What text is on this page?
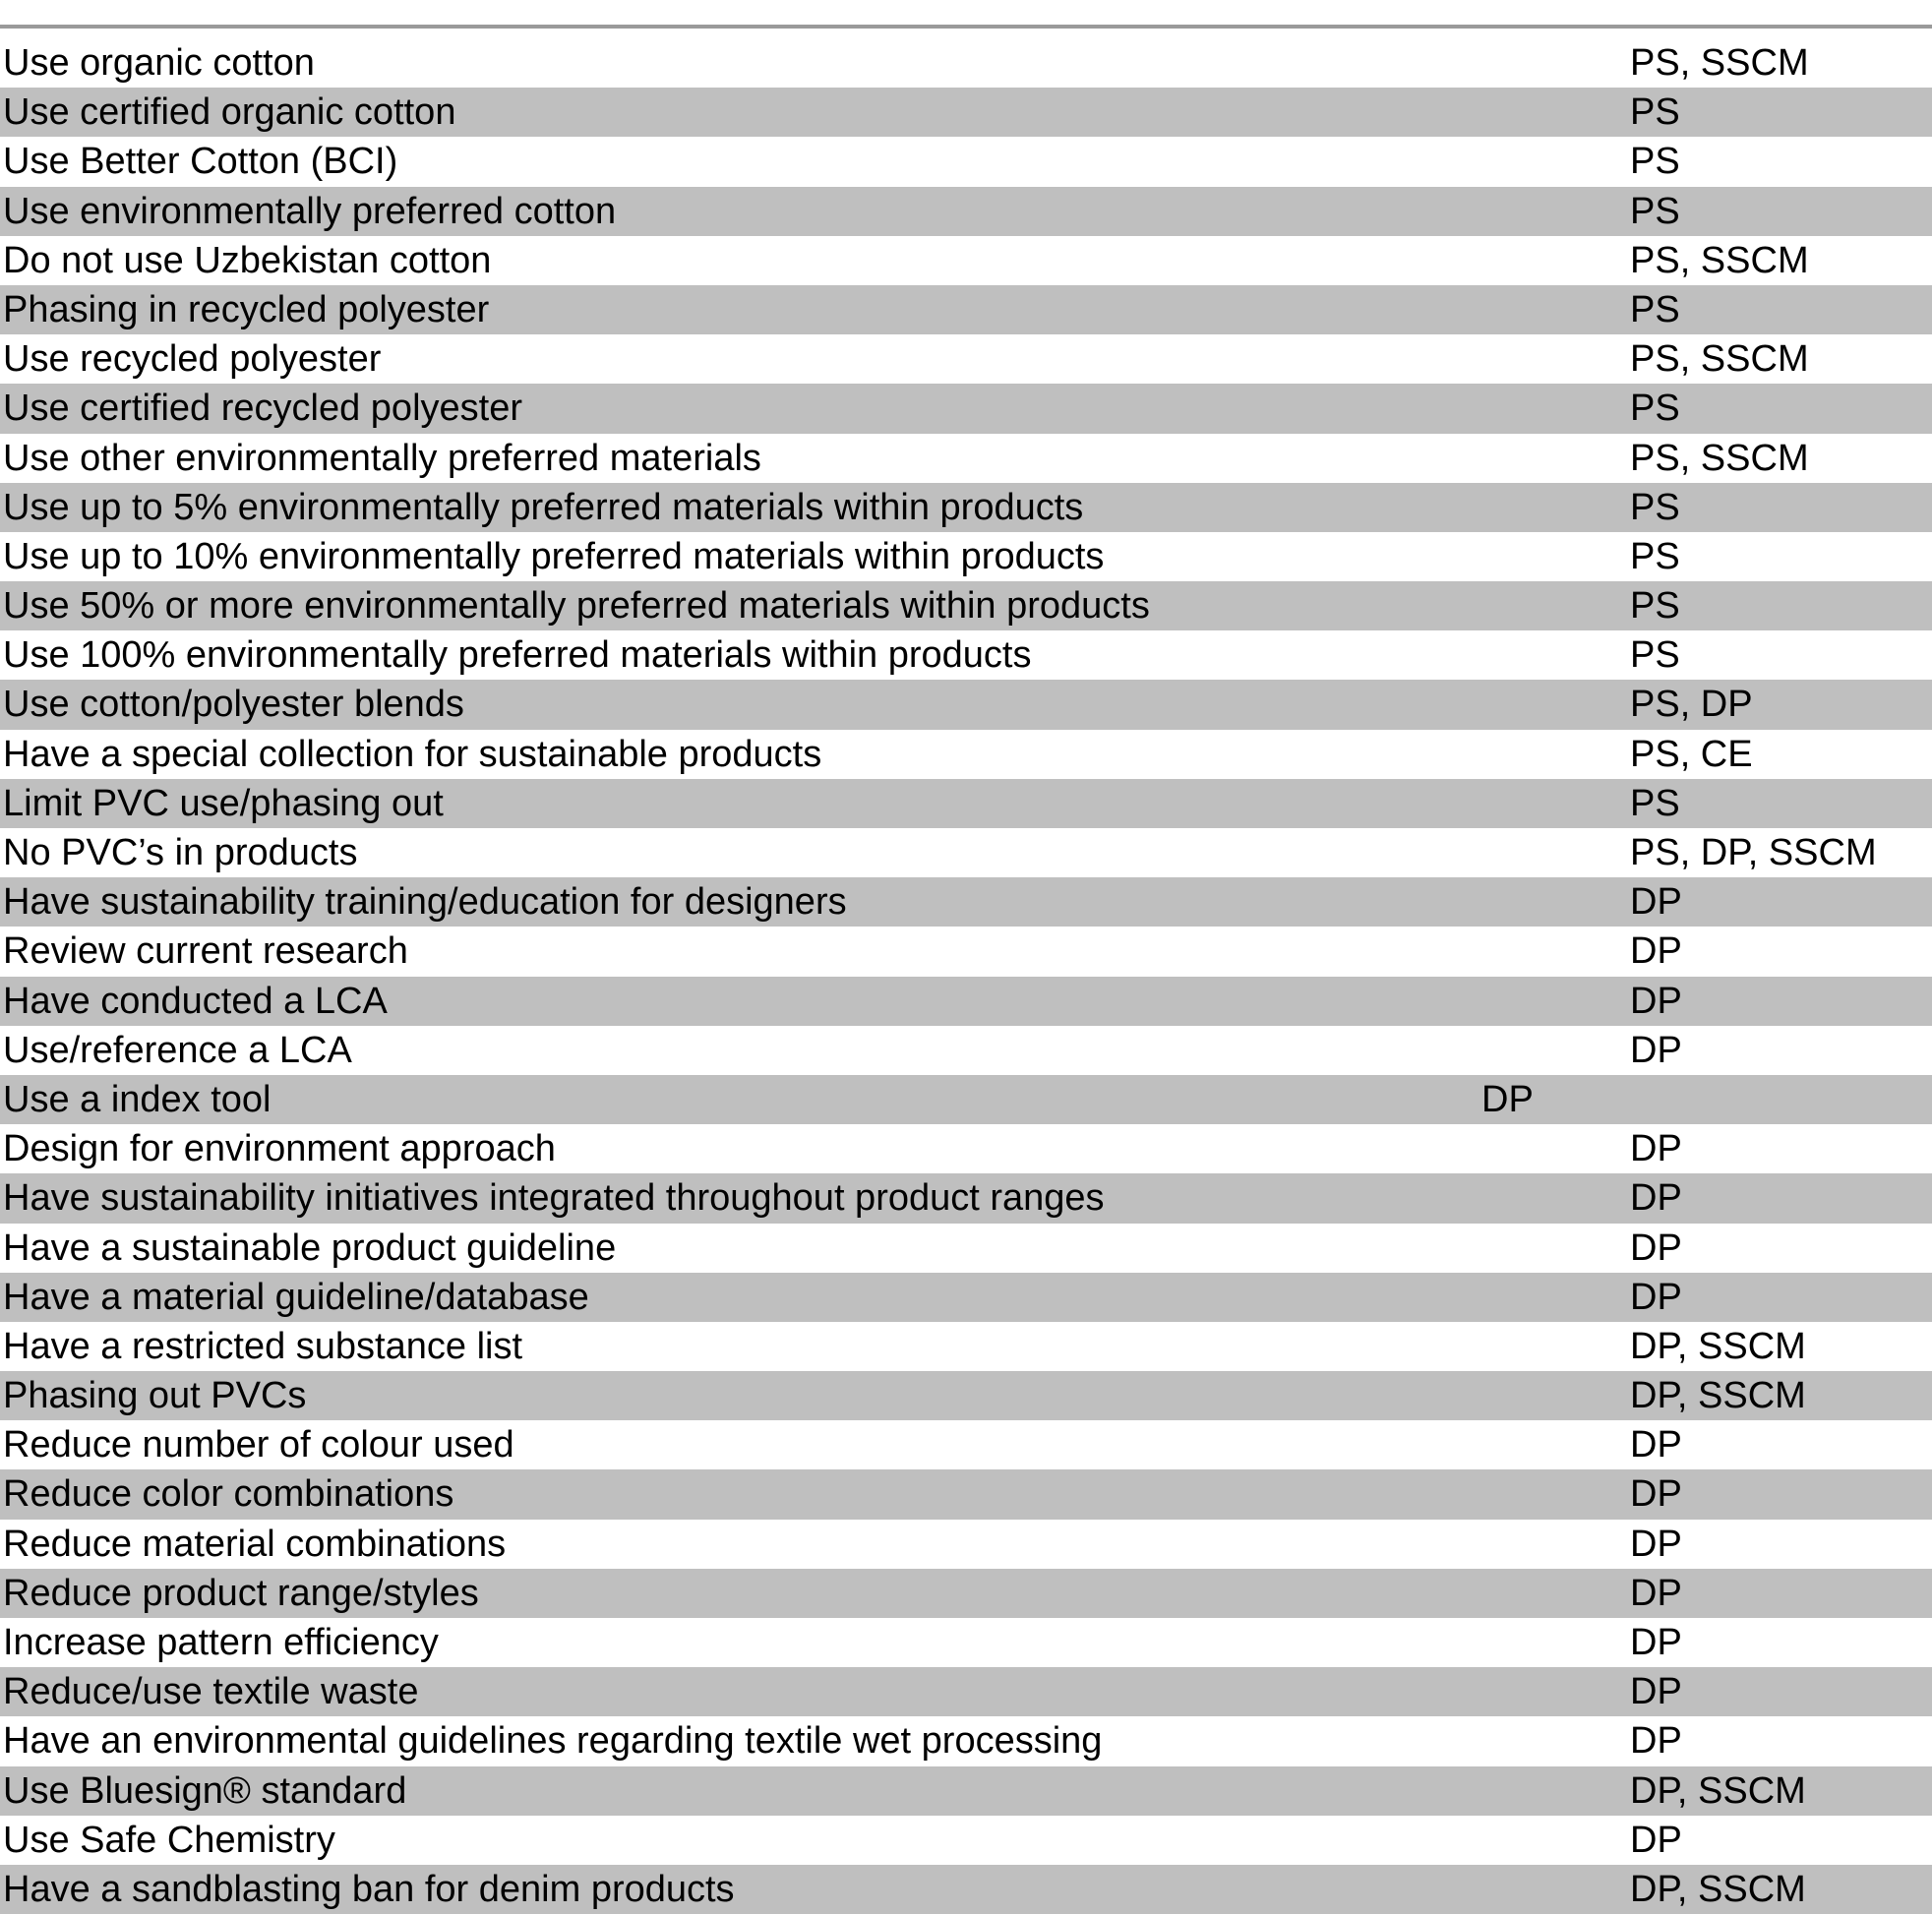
Use organic cotton	PS, SSCM
Use certified organic cotton	PS
Use Better Cotton (BCI)	PS
Use environmentally preferred cotton	PS
Do not use Uzbekistan cotton	PS, SSCM
Phasing in recycled polyester	PS
Use recycled polyester	PS, SSCM
Use certified recycled polyester	PS
Use other environmentally preferred materials	PS, SSCM
Use up to 5% environmentally preferred materials within products	PS
Use up to 10% environmentally preferred materials within products	PS
Use 50% or more environmentally preferred materials within products	PS
Use 100% environmentally preferred materials within products	PS
Use cotton/polyester blends	PS, DP
Have a special collection for sustainable products	PS, CE
Limit PVC use/phasing out	PS
No PVC’s in products	PS, DP, SSCM
Have sustainability training/education for designers	DP
Review current research	DP
Have conducted a LCA	DP
Use/reference a LCA	DP
Use a index tool	DP
Design for environment approach	DP
Have sustainability initiatives integrated throughout product ranges	DP
Have a sustainable product guideline	DP
Have a material guideline/database	DP
Have a restricted substance list	DP, SSCM
Phasing out PVCs	DP, SSCM
Reduce number of colour used	DP
Reduce color combinations	DP
Reduce material combinations	DP
Reduce product range/styles	DP
Increase pattern efficiency	DP
Reduce/use textile waste	DP
Have an environmental guidelines regarding textile wet processing	DP
Use Bluesign® standard	DP, SSCM
Use Safe Chemistry	DP
Have a sandblasting ban for denim products	DP, SSCM
